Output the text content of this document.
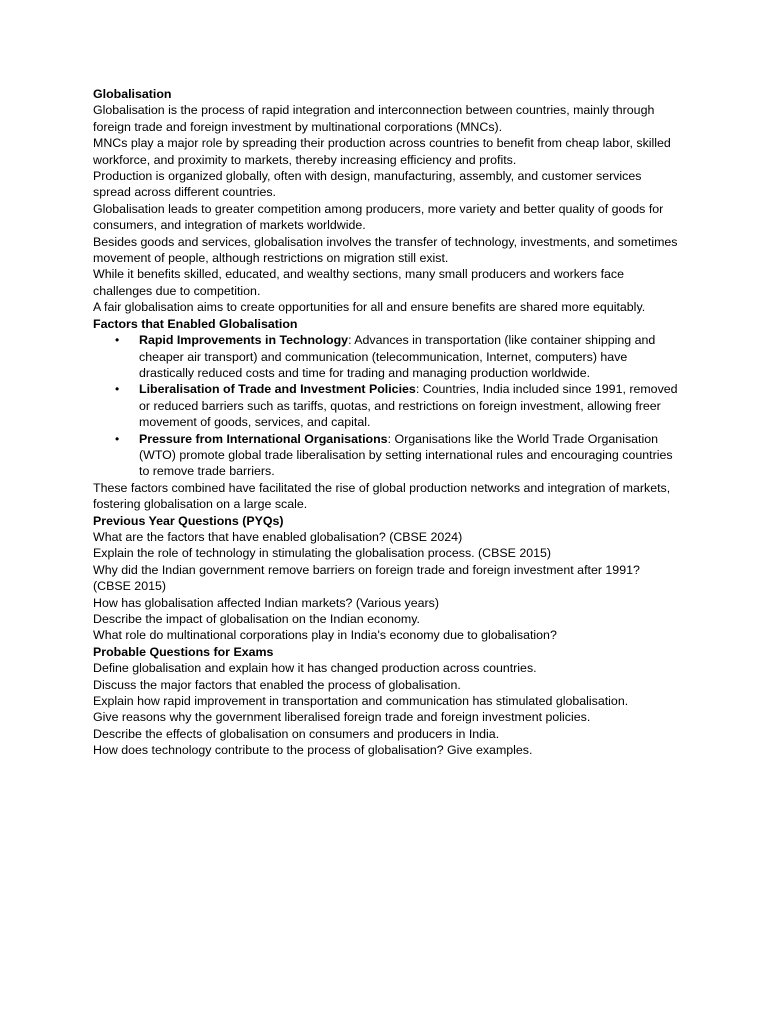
Globalisation

Globalisation is the process of rapid integration and interconnection between countries, mainly through foreign trade and foreign investment by multinational corporations (MNCs).

MNCs play a major role by spreading their production across countries to benefit from cheap labor, skilled workforce, and proximity to markets, thereby increasing efficiency and profits.

Production is organized globally, often with design, manufacturing, assembly, and customer services spread across different countries.

Globalisation leads to greater competition among producers, more variety and better quality of goods for consumers, and integration of markets worldwide.

Besides goods and services, globalisation involves the transfer of technology, investments, and sometimes movement of people, although restrictions on migration still exist.

While it benefits skilled, educated, and wealthy sections, many small producers and workers face challenges due to competition.

A fair globalisation aims to create opportunities for all and ensure benefits are shared more equitably.

Factors that Enabled Globalisation

• Rapid Improvements in Technology: Advances in transportation (like container shipping and cheaper air transport) and communication (telecommunication, Internet, computers) have drastically reduced costs and time for trading and managing production worldwide.
• Liberalisation of Trade and Investment Policies: Countries, India included since 1991, removed or reduced barriers such as tariffs, quotas, and restrictions on foreign investment, allowing freer movement of goods, services, and capital.
• Pressure from International Organisations: Organisations like the World Trade Organisation (WTO) promote global trade liberalisation by setting international rules and encouraging countries to remove trade barriers.

These factors combined have facilitated the rise of global production networks and integration of markets, fostering globalisation on a large scale.

Previous Year Questions (PYQs)

What are the factors that have enabled globalisation? (CBSE 2024)

Explain the role of technology in stimulating the globalisation process. (CBSE 2015)

Why did the Indian government remove barriers on foreign trade and foreign investment after 1991? (CBSE 2015)

How has globalisation affected Indian markets? (Various years)

Describe the impact of globalisation on the Indian economy.

What role do multinational corporations play in India's economy due to globalisation?

Probable Questions for Exams

Define globalisation and explain how it has changed production across countries.

Discuss the major factors that enabled the process of globalisation.

Explain how rapid improvement in transportation and communication has stimulated globalisation.

Give reasons why the government liberalised foreign trade and foreign investment policies.

Describe the effects of globalisation on consumers and producers in India.

How does technology contribute to the process of globalisation? Give examples.
